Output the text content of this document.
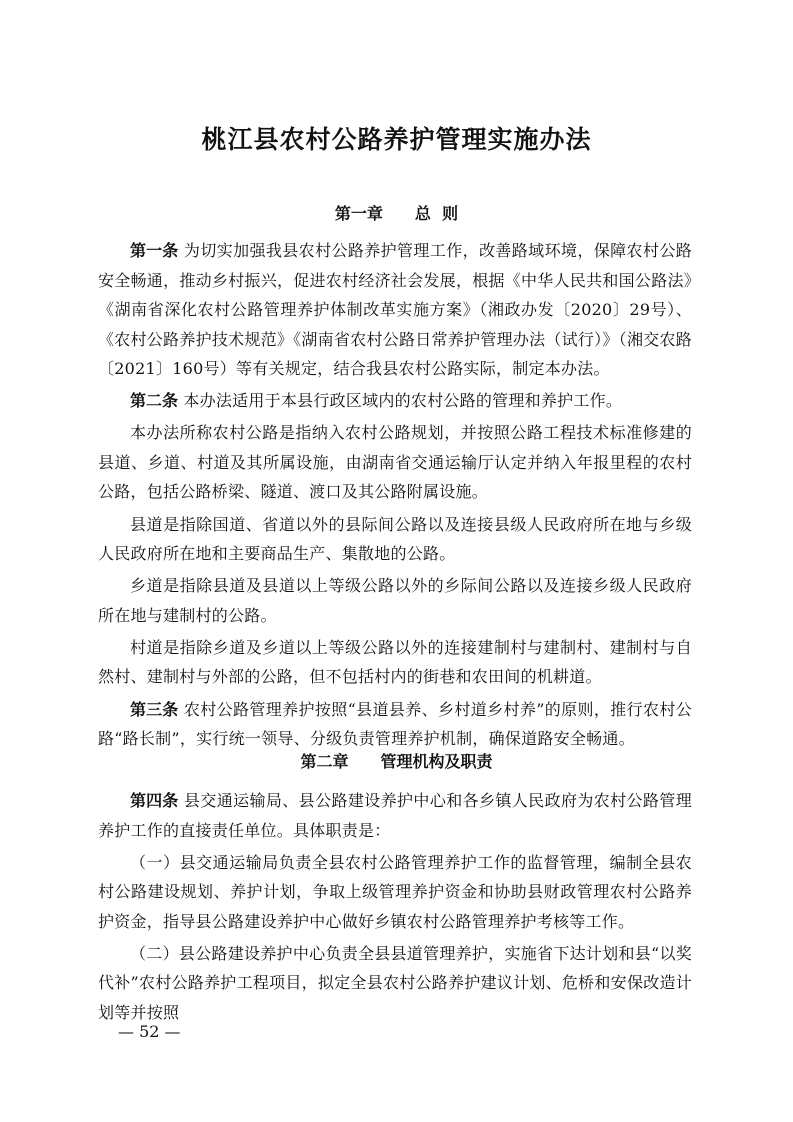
桃江县农村公路养护管理实施办法
第一章　　总  则

第一条 为切实加强我县农村公路养护管理工作，改善路域环境，保障农村公路安全畅通，推动乡村振兴，促进农村经济社会发展，根据《中华人民共和国公路法》《湖南省深化农村公路管理养护体制改革实施方案》（湘政办发〔2020〕29号）、《农村公路养护技术规范》《湖南省农村公路日常养护管理办法（试行）》（湘交农路〔2021〕160号）等有关规定，结合我县农村公路实际，制定本办法。

第二条 本办法适用于本县行政区域内的农村公路的管理和养护工作。

本办法所称农村公路是指纳入农村公路规划，并按照公路工程技术标准修建的县道、乡道、村道及其所属设施，由湖南省交通运输厅认定并纳入年报里程的农村公路，包括公路桥梁、隧道、渡口及其公路附属设施。

县道是指除国道、省道以外的县际间公路以及连接县级人民政府所在地与乡级人民政府所在地和主要商品生产、集散地的公路。

乡道是指除县道及县道以上等级公路以外的乡际间公路以及连接乡级人民政府所在地与建制村的公路。

村道是指除乡道及乡道以上等级公路以外的连接建制村与建制村、建制村与自然村、建制村与外部的公路，但不包括村内的街巷和农田间的机耕道。

第三条 农村公路管理养护按照“县道县养、乡村道乡村养”的原则，推行农村公路“路长制”，实行统一领导、分级负责管理养护机制，确保道路安全畅通。

第二章　　管理机构及职责

第四条 县交通运输局、县公路建设养护中心和各乡镇人民政府为农村公路管理养护工作的直接责任单位。具体职责是：

（一）县交通运输局负责全县农村公路管理养护工作的监督管理，编制全县农村公路建设规划、养护计划，争取上级管理养护资金和协助县财政管理农村公路养护资金，指导县公路建设养护中心做好乡镇农村公路管理养护考核等工作。

（二）县公路建设养护中心负责全县县道管理养护，实施省下达计划和县“以奖代补”农村公路养护工程项目，拟定全县农村公路养护建议计划、危桥和安保改造计划等并按照

— 52 —
